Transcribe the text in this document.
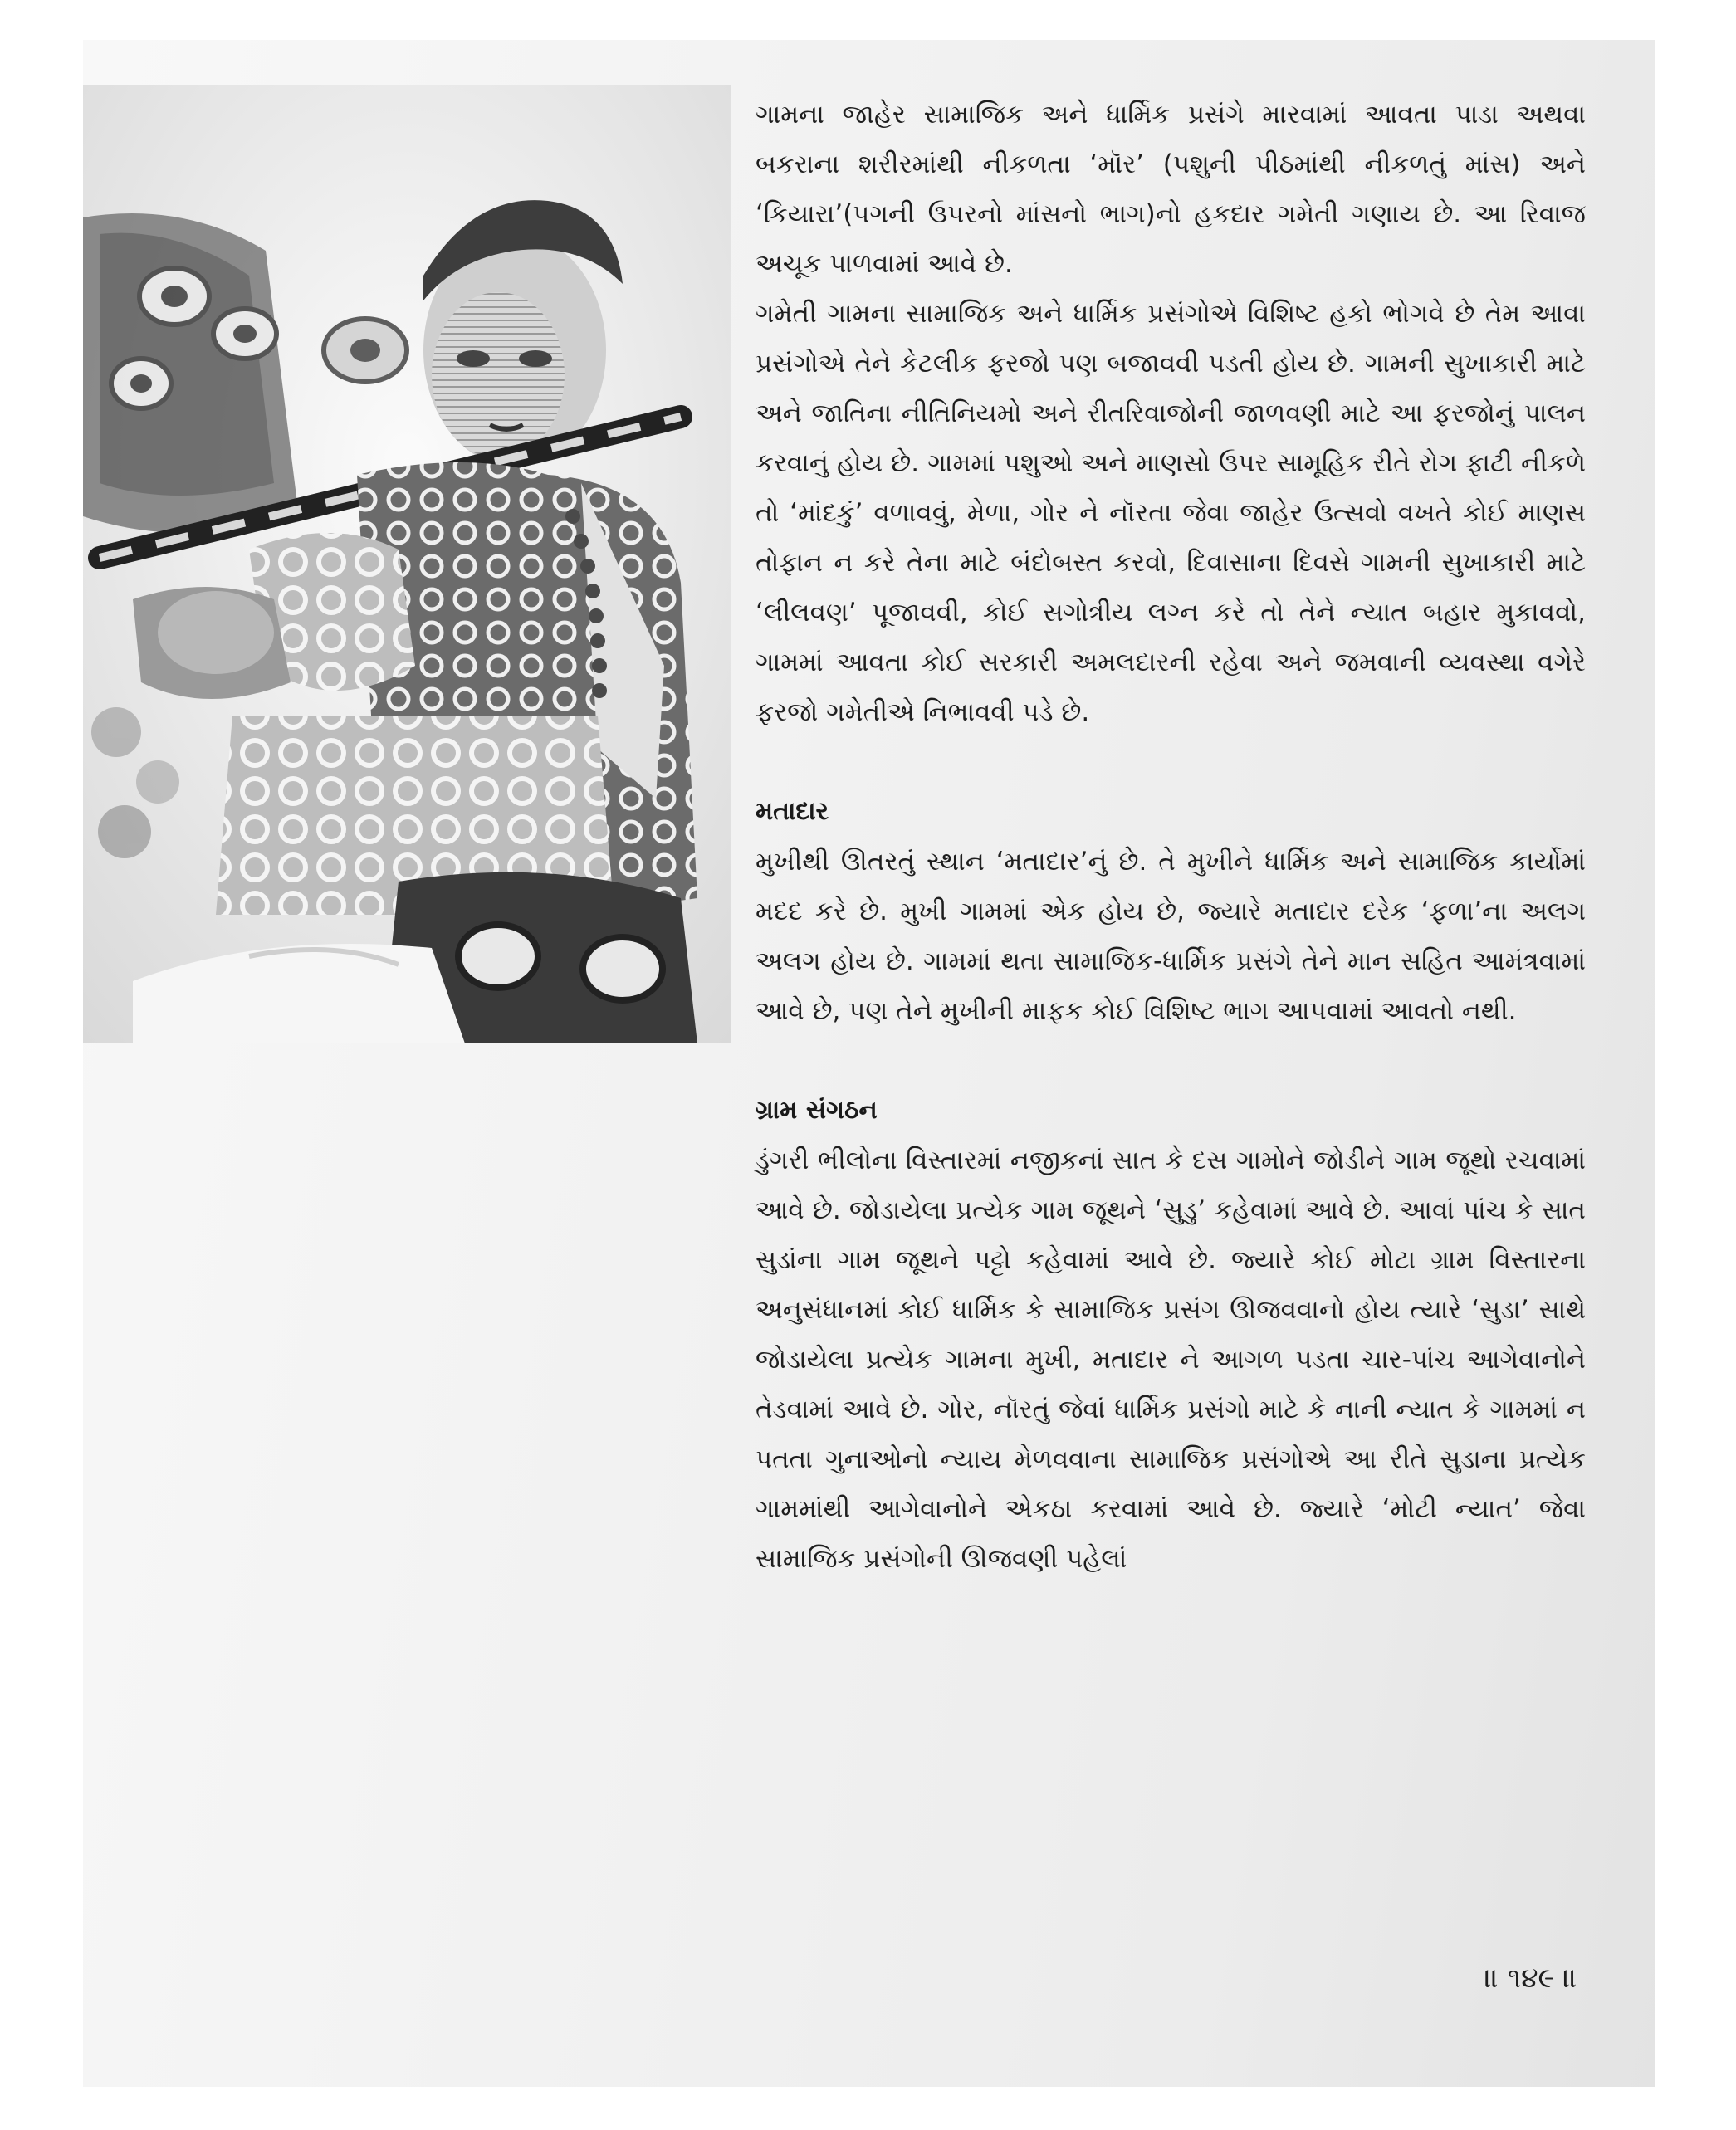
ગામના જાહેર સામાજિક અને ધાર્મિક પ્રસંગે મારવામાં આવતા પાડા અથવા બકરાના શરીરમાંથી નીકળતા ‘મૉર’ (પશુની પીઠમાંથી નીકળતું માંસ) અને ‘કિયારા’(પગની ઉપરનો માંસનો ભાગ)નો હકદાર ગમેતી ગણાય છે. આ રિવાજ અચૂક પાળવામાં આવે છે.

ગમેતી ગામના સામાજિક અને ધાર્મિક પ્રસંગોએ વિશિષ્ટ હકો ભોગવે છે તેમ આવા પ્રસંગોએ તેને કેટલીક ફરજો પણ બજાવવી પડતી હોય છે. ગામની સુખાકારી માટે અને જાતિના નીતિનિયમો અને રીતરિવાજોની જાળવણી માટે આ ફરજોનું પાલન કરવાનું હોય છે. ગામમાં પશુઓ અને માણસો ઉપર સામૂહિક રીતે રોગ ફાટી નીકળે તો ‘માંદકું’ વળાવવું, મેળા, ગોર ને નૉરતા જેવા જાહેર ઉત્સવો વખતે કોઈ માણસ તોફાન ન કરે તેના માટે બંદોબસ્ત કરવો, દિવાસાના દિવસે ગામની સુખાકારી માટે ‘લીલવણ’ પૂજાવવી, કોઈ સગોત્રીય લગ્ન કરે તો તેને ન્યાત બહાર મુકાવવો, ગામમાં આવતા કોઈ સરકારી અમલદારની રહેવા અને જમવાની વ્યવસ્થા વગેરે ફરજો ગમેતીએ નિભાવવી પડે છે.

મતાદાર

મુખીથી ઊતરતું સ્થાન ‘મતાદાર’નું છે. તે મુખીને ધાર્મિક અને સામાજિક કાર્યોમાં મદદ કરે છે. મુખી ગામમાં એક હોય છે, જ્યારે મતાદાર દરેક ‘ફળા’ના અલગ અલગ હોય છે. ગામમાં થતા સામાજિક-ધાર્મિક પ્રસંગે તેને માન સહિત આમંત્રવામાં આવે છે, પણ તેને મુખીની માફક કોઈ વિશિષ્ટ ભાગ આપવામાં આવતો નથી.

ગ્રામ સંગઠન

ડુંગરી ભીલોના વિસ્તારમાં નજીકનાં સાત કે દસ ગામોને જોડીને ગામ જૂથો રચવામાં આવે છે. જોડાયેલા પ્રત્યેક ગામ જૂથને ‘સુડુ’ કહેવામાં આવે છે. આવાં પાંચ કે સાત સુડાંના ગામ જૂથને પટ્ટો કહેવામાં આવે છે. જ્યારે કોઈ મોટા ગ્રામ વિસ્તારના અનુસંધાનમાં કોઈ ધાર્મિક કે સામાજિક પ્રસંગ ઊજવવાનો હોય ત્યારે ‘સુડા’ સાથે જોડાયેલા પ્રત્યેક ગામના મુખી, મતાદાર ને આગળ પડતા ચાર-પાંચ આગેવાનોને તેડવામાં આવે છે. ગોર, નૉરતું જેવાં ધાર્મિક પ્રસંગો માટે કે નાની ન્યાત કે ગામમાં ન પતતા ગુનાઓનો ન્યાય મેળવવાના સામાજિક પ્રસંગોએ આ રીતે સુડાના પ્રત્યેક ગામમાંથી આગેવાનોને એકઠા કરવામાં આવે છે. જ્યારે ‘મોટી ન્યાત’ જેવા સામાજિક પ્રસંગોની ઊજવણી પહેલાં

॥ ૧૪૯ ॥
